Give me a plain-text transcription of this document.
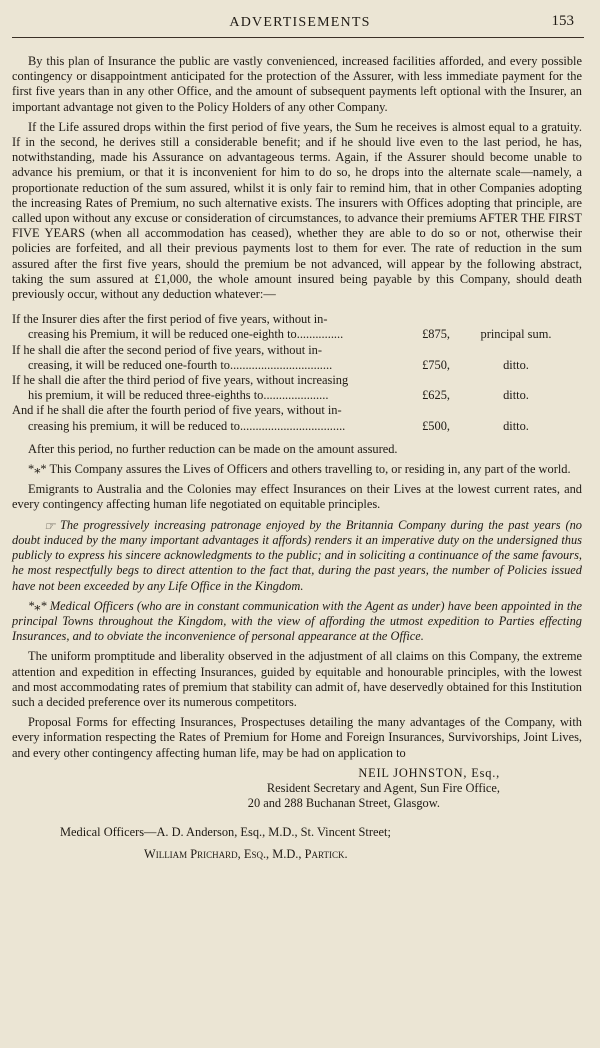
ADVERTISEMENTS	153

By this plan of Insurance the public are vastly convenienced, increased facilities afforded, and every possible contingency or disappointment anticipated for the protection of the Assurer, with less immediate payment for the first five years than in any other Office, and the amount of subsequent payments left optional with the Insurer, an important advantage not given to the Policy Holders of any other Company.

If the Life assured drops within the first period of five years, the Sum he receives is almost equal to a gratuity. If in the second, he derives still a considerable benefit; and if he should live even to the last period, he has, notwithstanding, made his Assurance on advantageous terms. Again, if the Assurer should become unable to advance his premium, or that it is inconvenient for him to do so, he drops into the alternate scale—namely, a proportionate reduction of the sum assured, whilst it is only fair to remind him, that in other Companies adopting the increasing Rates of Premium, no such alternative exists. The insurers with Offices adopting that principle, are called upon without any excuse or consideration of circumstances, to advance their premiums AFTER THE FIRST FIVE YEARS (when all accommodation has ceased), whether they are able to do so or not, otherwise their policies are forfeited, and all their previous payments lost to them for ever. The rate of reduction in the sum assured after the first five years, should the premium be not advanced, will appear by the following abstract, taking the sum assured at £1,000, the whole amount insured being payable by this Company, should death previously occur, without any deduction whatever:—

If the Insurer dies after the first period of five years, without in-
creasing his Premium, it will be reduced one-eighth to...............	£875,	principal sum.
If he shall die after the second period of five years, without in-
creasing, it will be reduced one-fourth to.................................	£750,	ditto.
If he shall die after the third period of five years, without increasing
his premium, it will be reduced three-eighths to.....................	£625,	ditto.
And if he shall die after the fourth period of five years, without in-
creasing his premium, it will be reduced to..................................	£500,	ditto.

After this period, no further reduction can be made on the amount assured.

*⁎* This Company assures the Lives of Officers and others travelling to, or residing in, any part of the world.

Emigrants to Australia and the Colonies may effect Insurances on their Lives at the lowest current rates, and every contingency affecting human life negotiated on equitable principles.

☞ The progressively increasing patronage enjoyed by the Britannia Company during the past years (no doubt induced by the many important advantages it affords) renders it an imperative duty on the undersigned thus publicly to express his sincere acknowledgments to the public; and in soliciting a continuance of the same favours, he most respectfully begs to direct attention to the fact that, during the past years, the number of Policies issued have not been exceeded by any Life Office in the Kingdom.

*⁎* Medical Officers (who are in constant communication with the Agent as under) have been appointed in the principal Towns throughout the Kingdom, with the view of affording the utmost expedition to Parties effecting Insurances, and to obviate the inconvenience of personal appearance at the Office.

The uniform promptitude and liberality observed in the adjustment of all claims on this Company, the extreme attention and expedition in effecting Insurances, guided by equitable and honourable principles, with the lowest and most accommodating rates of premium that stability can admit of, have deservedly obtained for this Institution such a decided preference over its numerous competitors.

Proposal Forms for effecting Insurances, Prospectuses detailing the many advantages of the Company, with every information respecting the Rates of Premium for Home and Foreign Insurances, Survivorships, Joint Lives, and every other contingency affecting human life, may be had on application to

NEIL JOHNSTON, Esq.,
Resident Secretary and Agent, Sun Fire Office,
20 and 288 Buchanan Street, Glasgow.
Medical Officers—A. D. Anderson, Esq., M.D., St. Vincent Street;
William Prichard, Esq., M.D., Partick.
